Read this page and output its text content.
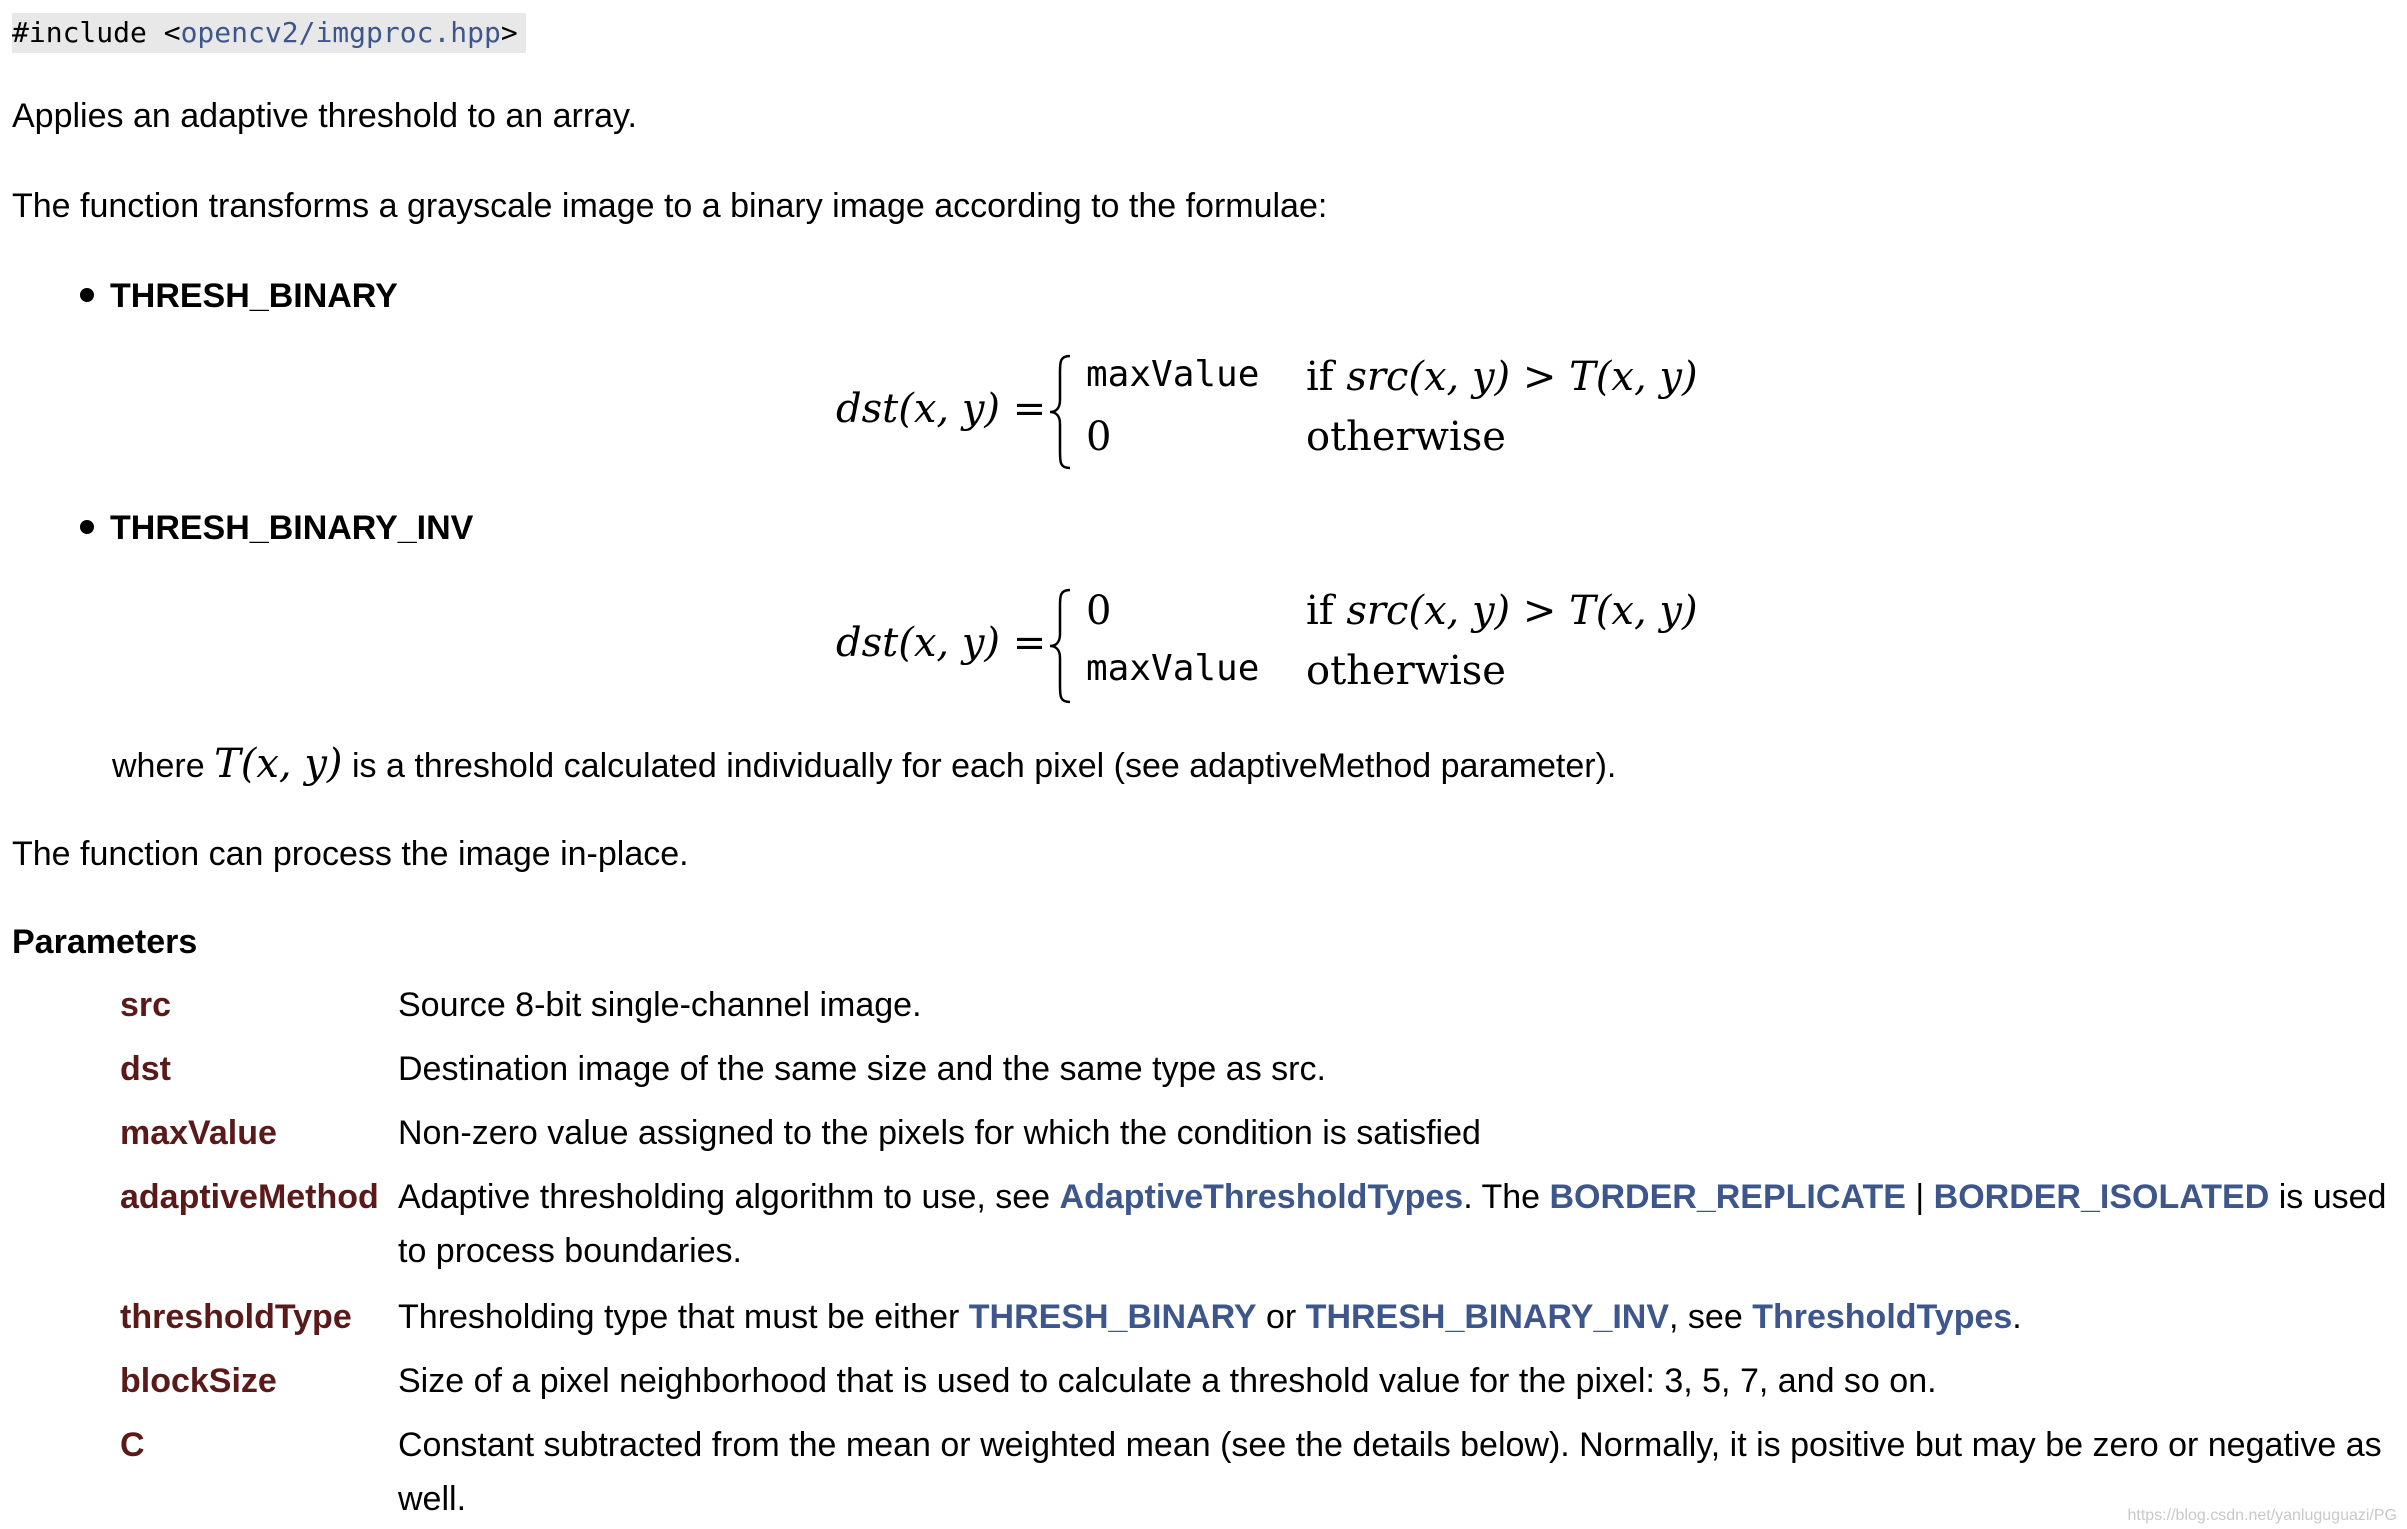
#include <opencv2/imgproc.hpp>

Applies an adaptive threshold to an array.

The function transforms a grayscale image to a binary image according to the formulae:

THRESH_BINARY
dst(x, y) =
maxValue if src(x, y) > T(x, y)
0	otherwise
THRESH_BINARY_INV
dst(x, y) =
0	if src(x, y) > T(x, y)
maxValue otherwise
where T(x, y) is a threshold calculated individually for each pixel (see adaptiveMethod parameter).

The function can process the image in-place.

Parameters
src	Source 8-bit single-channel image.
dst	Destination image of the same size and the same type as src.
maxValue	Non-zero value assigned to the pixels for which the condition is satisfied
adaptiveMethod Adaptive thresholding algorithm to use, see AdaptiveThresholdTypes. The BORDER_REPLICATE | BORDER_ISOLATED is used to process boundaries.
thresholdType Thresholding type that must be either THRESH_BINARY or THRESH_BINARY_INV, see ThresholdTypes.
blockSize	Size of a pixel neighborhood that is used to calculate a threshold value for the pixel: 3, 5, 7, and so on.
C	Constant subtracted from the mean or weighted mean (see the details below). Normally, it is positive but may be zero or negative as well.	https://blog.csdn.net/yanluguguazi/PG
